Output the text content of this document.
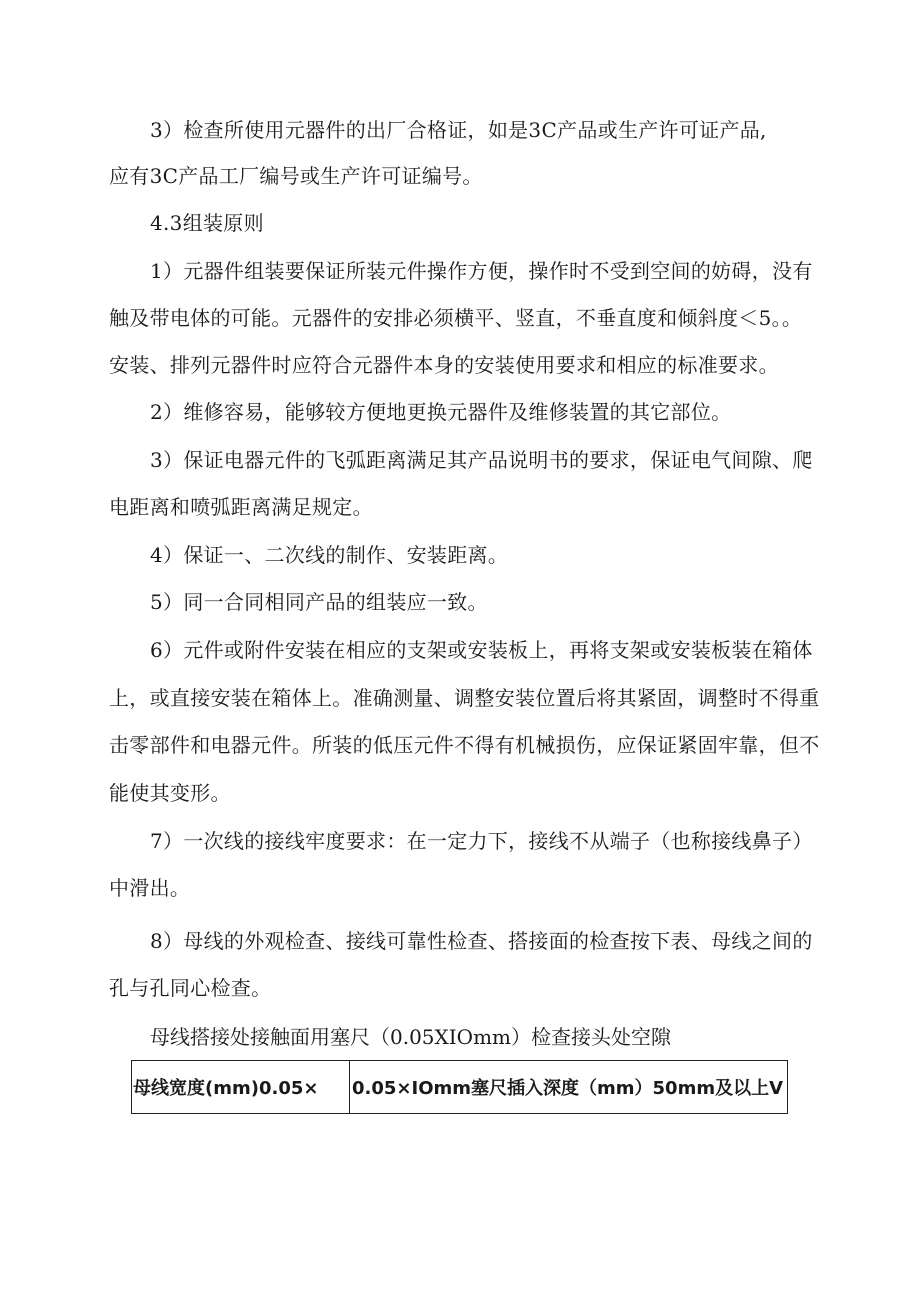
3）检查所使用元器件的出厂合格证，如是3C产品或生产许可证产品,
应有3C产品工厂编号或生产许可证编号。
4.3组装原则
1）元器件组装要保证所装元件操作方便，操作时不受到空间的妨碍，没有
触及带电体的可能。元器件的安排必须横平、竖直，不垂直度和倾斜度＜5。。
安装、排列元器件时应符合元器件本身的安装使用要求和相应的标准要求。
2）维修容易，能够较方便地更换元器件及维修装置的其它部位。
3）保证电器元件的飞弧距离满足其产品说明书的要求，保证电气间隙、爬
电距离和喷弧距离满足规定。
4）保证一、二次线的制作、安装距离。
5）同一合同相同产品的组装应一致。
6）元件或附件安装在相应的支架或安装板上，再将支架或安装板装在箱体
上，或直接安装在箱体上。准确测量、调整安装位置后将其紧固，调整时不得重
击零部件和电器元件。所装的低压元件不得有机械损伤，应保证紧固牢靠，但不
能使其变形。
7）一次线的接线牢度要求：在一定力下，接线不从端子（也称接线鼻子）
中滑出。
8）母线的外观检查、接线可靠性检查、搭接面的检查按下表、母线之间的
孔与孔同心检查。
母线搭接处接触面用塞尺（0.05XIOmm）检查接头处空隙
母线宽度(mm)0.05×	0.05×IOmm塞尺插入深度（mm）50mm及以上V
